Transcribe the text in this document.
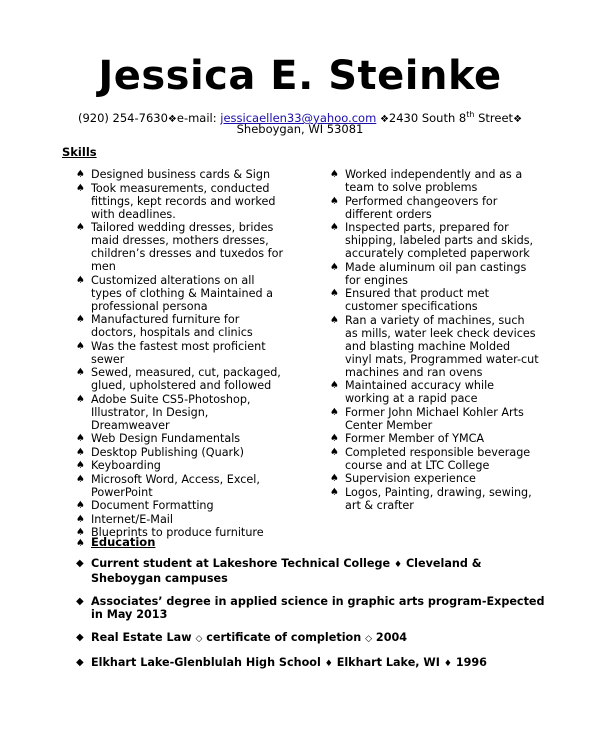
Jessica E. Steinke
(920) 254-7630❖e-mail: jessicaellen33@yahoo.com ❖2430 South 8th Street❖
Sheboygan, WI 53081
Skills
♠ Designed business cards & Sign
♠ Took measurements, conducted fittings, kept records and worked with deadlines.
♠ Tailored wedding dresses, brides maid dresses, mothers dresses, children’s dresses and tuxedos for men
♠ Customized alterations on all types of clothing & Maintained a professional persona
♠ Manufactured furniture for doctors, hospitals and clinics
♠ Was the fastest most proficient sewer
♠ Sewed, measured, cut, packaged, glued, upholstered and followed
♠ Adobe Suite CS5-Photoshop, Illustrator, In Design, Dreamweaver
♠ Web Design Fundamentals
♠ Desktop Publishing (Quark)
♠ Keyboarding
♠ Microsoft Word, Access, Excel, PowerPoint
♠ Document Formatting
♠ Internet/E-Mail
♠ Blueprints to produce furniture
♠ Worked independently and as a team to solve problems
♠ Performed changeovers for different orders
♠ Inspected parts, prepared for shipping, labeled parts and skids, accurately completed paperwork
♠ Made aluminum oil pan castings for engines
♠ Ensured that product met customer specifications
♠ Ran a variety of machines, such as mills, water leek check devices and blasting machine Molded vinyl mats, Programmed water-cut machines and ran ovens
♠ Maintained accuracy while working at a rapid pace
♠ Former John Michael Kohler Arts Center Member
♠ Former Member of YMCA
♠ Completed responsible beverage course and at LTC College
♠ Supervision experience
♠ Logos, Painting, drawing, sewing, art & crafter
♠ Education
◆ Current student at Lakeshore Technical College ♦ Cleveland & Sheboygan campuses
◆ Associates’ degree in applied science in graphic arts program-Expected in May 2013
◆ Real Estate Law ◇ certificate of completion ◇ 2004
◆ Elkhart Lake-Glenblulah High School ♦ Elkhart Lake, WI ♦ 1996
